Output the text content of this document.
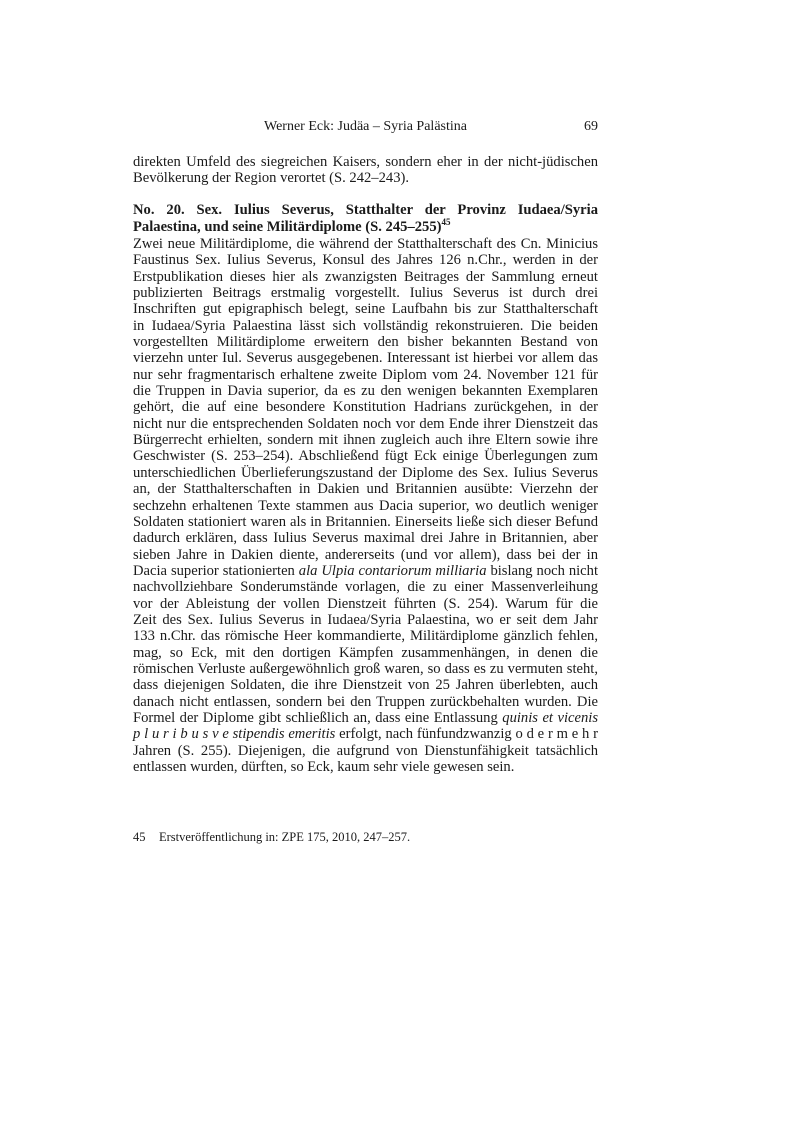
Werner Eck: Judäa – Syria Palästina	69
direkten Umfeld des siegreichen Kaisers, sondern eher in der nicht-jüdischen
Bevölkerung der Region verortet (S. 242–243).
No. 20. Sex. Iulius Severus, Statthalter der Provinz Iudaea/Syria
Palaestina, und seine Militärdiplome (S. 245–255)$^{45}$
Zwei neue Militärdiplome, die während der Statthalterschaft des Cn. Minicius
Faustinus Sex. Iulius Severus, Konsul des Jahres 126 n.Chr., werden in der
Erstpublikation dieses hier als zwanzigsten Beitrages der Sammlung erneut
publizierten Beitrags erstmalig vorgestellt. Iulius Severus ist durch drei
Inschriften gut epigraphisch belegt, seine Laufbahn bis zur Statthalterschaft
in Iudaea/Syria Palaestina lässt sich vollständig rekonstruieren. Die beiden
vorgestellten Militärdiplome erweitern den bisher bekannten Bestand von
vierzehn unter Iul. Severus ausgegebenen. Interessant ist hierbei vor allem das
nur sehr fragmentarisch erhaltene zweite Diplom vom 24. November 121 für
die Truppen in Davia superior, da es zu den wenigen bekannten Exemplaren
gehört, die auf eine besondere Konstitution Hadrians zurückgehen, in der
nicht nur die entsprechenden Soldaten noch vor dem Ende ihrer Dienstzeit das
Bürgerrecht erhielten, sondern mit ihnen zugleich auch ihre Eltern sowie ihre
Geschwister (S. 253–254). Abschließend fügt Eck einige Überlegungen zum
unterschiedlichen Überlieferungszustand der Diplome des Sex. Iulius Severus
an, der Statthalterschaften in Dakien und Britannien ausübte: Vierzehn der
sechzehn erhaltenen Texte stammen aus Dacia superior, wo deutlich weniger
Soldaten stationiert waren als in Britannien. Einerseits ließe sich dieser Befund
dadurch erklären, dass Iulius Severus maximal drei Jahre in Britannien, aber
sieben Jahre in Dakien diente, andererseits (und vor allem), dass bei der in
Dacia superior stationierten ala Ulpia contariorum milliaria bislang noch nicht
nachvollziehbare Sonderumstände vorlagen, die zu einer Massenverleihung
vor der Ableistung der vollen Dienstzeit führten (S. 254). Warum für die
Zeit des Sex. Iulius Severus in Iudaea/Syria Palaestina, wo er seit dem Jahr
133 n.Chr. das römische Heer kommandierte, Militärdiplome gänzlich fehlen,
mag, so Eck, mit den dortigen Kämpfen zusammenhängen, in denen die
römischen Verluste außergewöhnlich groß waren, so dass es zu vermuten steht,
dass diejenigen Soldaten, die ihre Dienstzeit von 25 Jahren überlebten, auch
danach nicht entlassen, sondern bei den Truppen zurückbehalten wurden. Die
Formel der Diplome gibt schließlich an, dass eine Entlassung quinis et vicenis
p l u r i b u s v e stipendis emeritis erfolgt, nach fünfundzwanzig o d e r m e h r
Jahren (S. 255). Diejenigen, die aufgrund von Dienstunfähigkeit tatsächlich
entlassen wurden, dürften, so Eck, kaum sehr viele gewesen sein.
45 Erstveröffentlichung in: ZPE 175, 2010, 247–257.
